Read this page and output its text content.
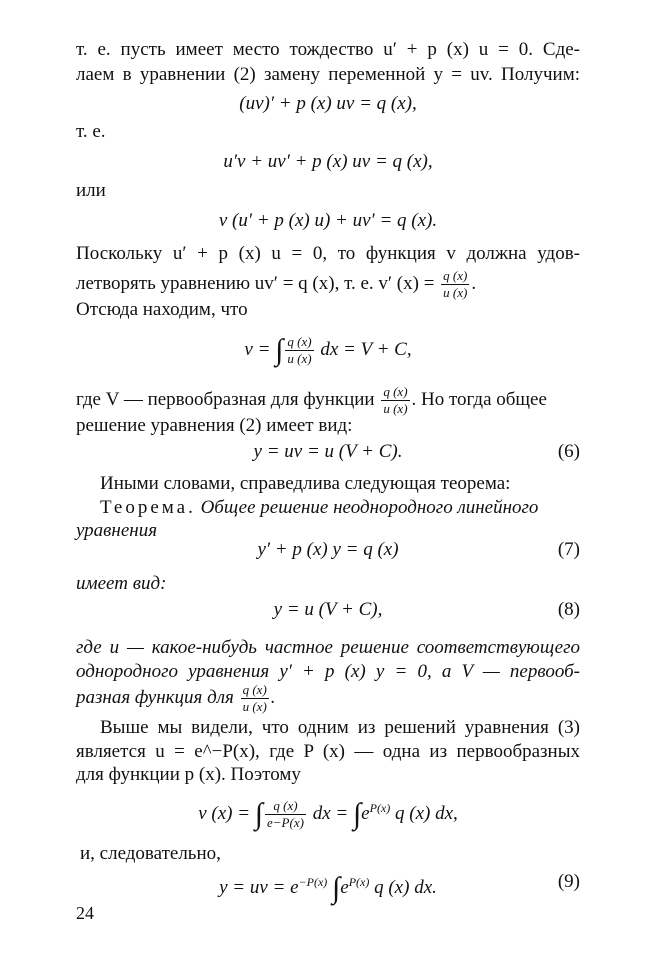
т. е. пусть имеет место тождество u′ + p (x) u = 0. Сде-
лаем в уравнении (2) замену переменной y = uv. Получим:
(uv)′ + p (x) uv = q (x),
т. е.
u′v + uv′ + p (x) uv = q (x),
или
v (u′ + p (x) u) + uv′ = q (x).
Поскольку u′ + p (x) u = 0, то функция v должна удов-
летворять уравнению uv′ = q (x), т. е. v′ $(x) = \frac{q (x)}{u (x)}$ .
Отсюда находим, что
v = ∫ $\frac{q (x)}{u (x)}$ dx = V + C,
где V — первообразная для функции $\frac{q (x)}{u (x)}$ . Но тогда общее
решение уравнения (2) имеет вид:
y = uv = u (V + C).	(6)
Иными словами, справедлива следующая теорема:
Теорема. Общее решение неоднородного линейного
уравнения
y′ + p (x) y = q (x)	(7)
имеет вид:
y = u (V + C),	(8)
где u — какое-нибудь частное решение соответствующего
однородного уравнения y′ + p (x) y = 0, а V — первооб-
разная функция для $\frac{q (x)}{u (x)}$ .
Выше мы видели, что одним из решений уравнения (3)
является u = e^−P(x), где P (x) — одна из первообразных
для функции p (x). Поэтому
v (x) = ∫ $\frac{q (x)}{e-P(x)}$ dx = $\int e^{P(x)}$ q (x) dx,
и, следовательно,
y = uv = $e^{-P(x)}$ $\int e^{P(x)}$ q (x) dx.	(9)
24
